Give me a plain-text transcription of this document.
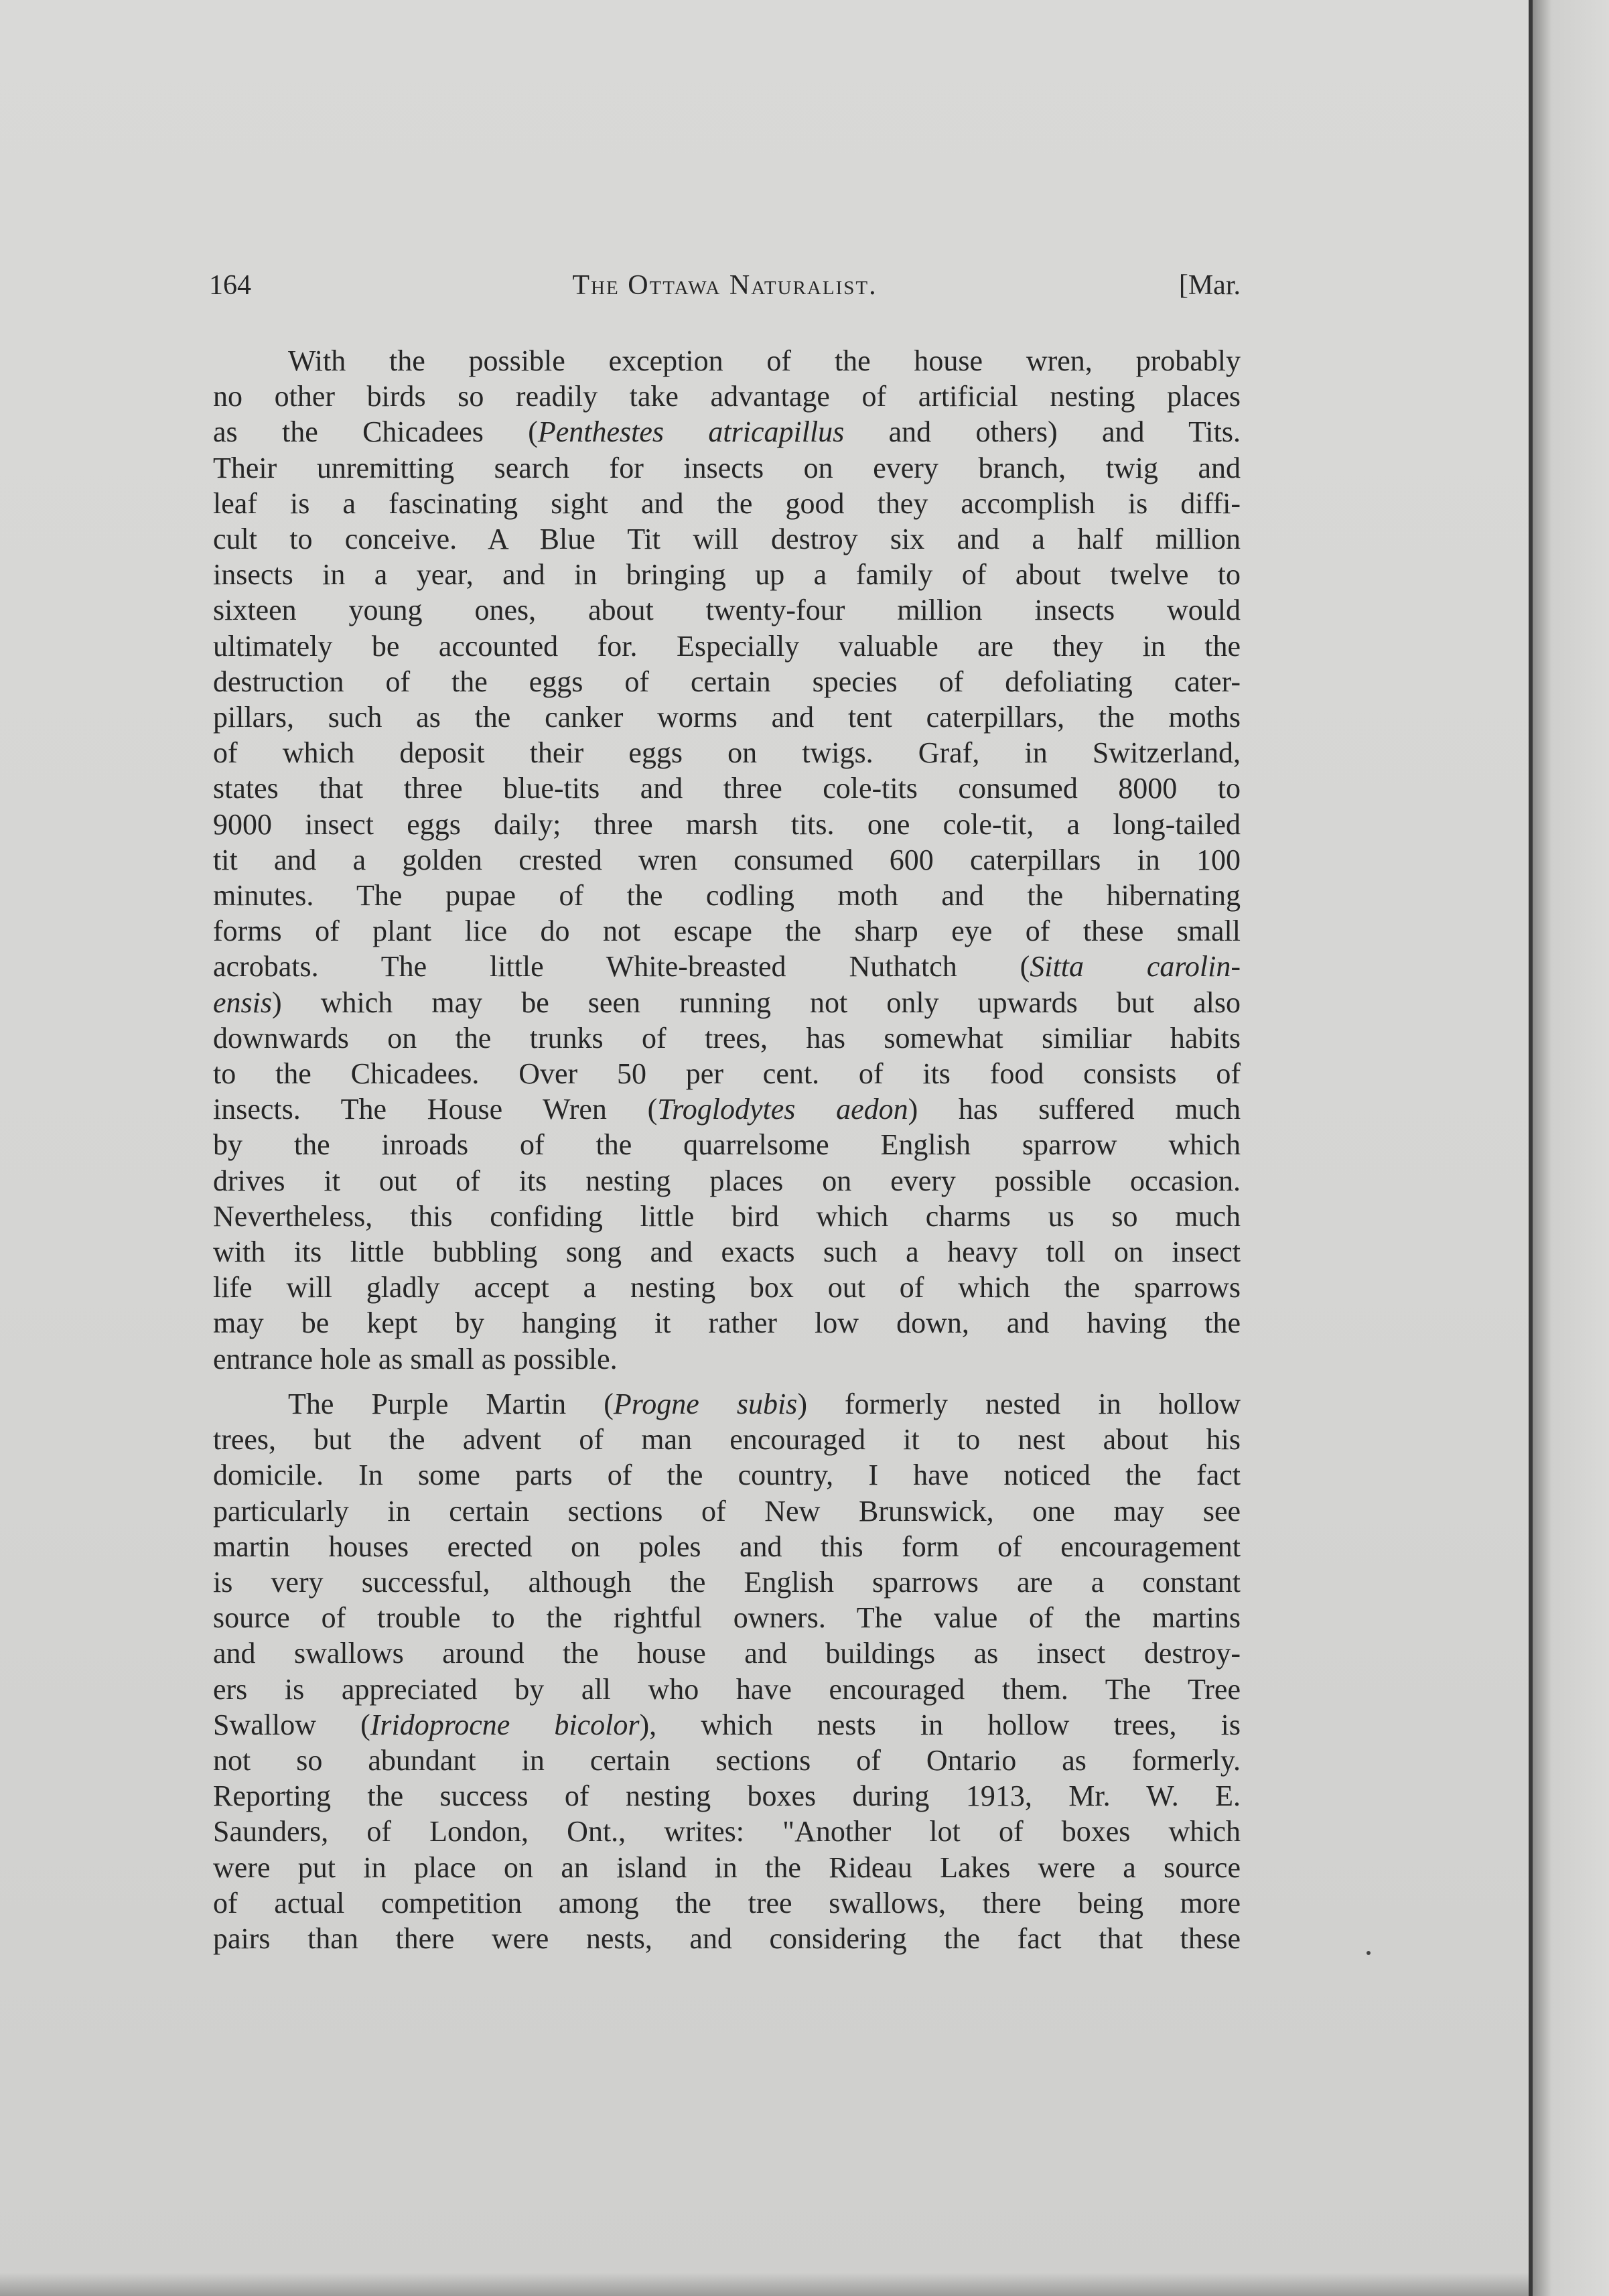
164	The Ottawa Naturalist.	[Mar.
With the possible exception of the house wren, probably
no other birds so readily take advantage of artificial nesting places
as the Chicadees (Penthestes atricapillus and others) and Tits.
Their unremitting search for insects on every branch, twig and
leaf is a fascinating sight and the good they accomplish is diffi-
cult to conceive. A Blue Tit will destroy six and a half million
insects in a year, and in bringing up a family of about twelve to
sixteen young ones, about twenty-four million insects would
ultimately be accounted for. Especially valuable are they in the
destruction of the eggs of certain species of defoliating cater-
pillars, such as the canker worms and tent caterpillars, the moths
of which deposit their eggs on twigs. Graf, in Switzerland,
states that three blue-tits and three cole-tits consumed 8000 to
9000 insect eggs daily; three marsh tits. one cole-tit, a long-tailed
tit and a golden crested wren consumed 600 caterpillars in 100
minutes. The pupae of the codling moth and the hibernating
forms of plant lice do not escape the sharp eye of these small
acrobats. The little White-breasted Nuthatch (Sitta carolin-
ensis) which may be seen running not only upwards but also
downwards on the trunks of trees, has somewhat similiar habits
to the Chicadees. Over 50 per cent. of its food consists of
insects. The House Wren (Troglodytes aedon) has suffered much
by the inroads of the quarrelsome English sparrow which
drives it out of its nesting places on every possible occasion.
Nevertheless, this confiding little bird which charms us so much
with its little bubbling song and exacts such a heavy toll on insect
life will gladly accept a nesting box out of which the sparrows
may be kept by hanging it rather low down, and having the
entrance hole as small as possible.
The Purple Martin (Progne subis) formerly nested in hollow
trees, but the advent of man encouraged it to nest about his
domicile. In some parts of the country, I have noticed the fact
particularly in certain sections of New Brunswick, one may see
martin houses erected on poles and this form of encouragement
is very successful, although the English sparrows are a constant
source of trouble to the rightful owners. The value of the martins
and swallows around the house and buildings as insect destroy-
ers is appreciated by all who have encouraged them. The Tree
Swallow (Iridoprocne bicolor), which nests in hollow trees, is
not so abundant in certain sections of Ontario as formerly.
Reporting the success of nesting boxes during 1913, Mr. W. E.
Saunders, of London, Ont., writes: "Another lot of boxes which
were put in place on an island in the Rideau Lakes were a source
of actual competition among the tree swallows, there being more
pairs than there were nests, and considering the fact that these
